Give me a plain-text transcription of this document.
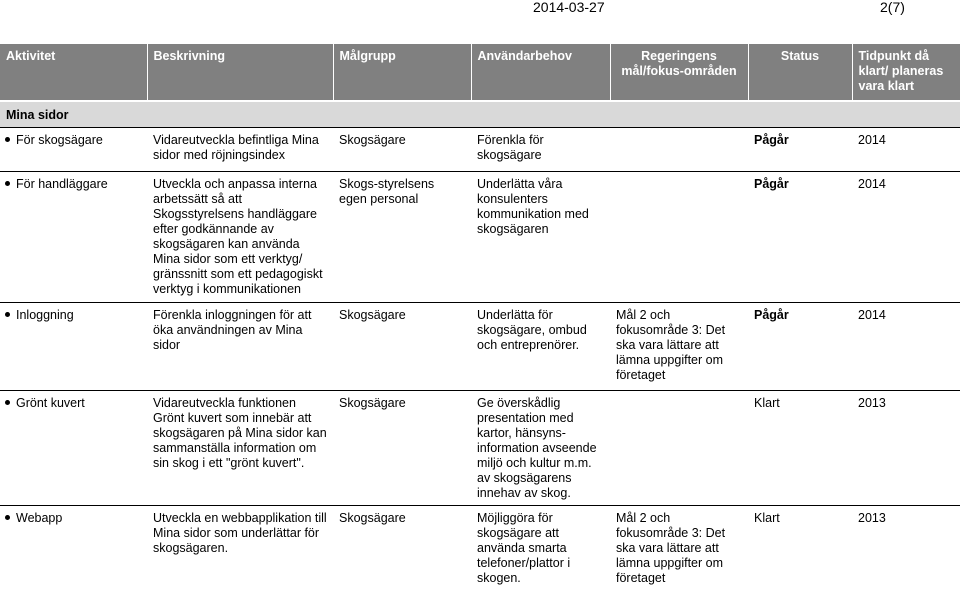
2014-03-27	2(7)
Aktivitet	Beskrivning	Målgrupp	Användarbehov	Regeringens mål/fokus-områden	Status	Tidpunkt då klart/ planeras vara klart
Mina sidor						
För skogsägare	Vidareutveckla befintliga Mina sidor med röjningsindex	Skogsägare	Förenkla för skogsägare		Pågår	2014
För handläggare	Utveckla och anpassa interna arbetssätt så att Skogsstyrelsens handläggare efter godkännande av skogsägaren kan använda Mina sidor som ett verktyg/ gränssnitt som ett pedagogiskt verktyg i kommunikationen	Skogs-styrelsens egen personal	Underlätta våra konsulenters kommunikation med skogsägaren		Pågår	2014
Inloggning	Förenkla inloggningen för att öka användningen av Mina sidor	Skogsägare	Underlätta för skogsägare, ombud och entreprenörer.	Mål 2 och fokusområde 3: Det ska vara lättare att lämna uppgifter om företaget	Pågår	2014
Grönt kuvert	Vidareutveckla funktionen Grönt kuvert som innebär att skogsägaren på Mina sidor kan sammanställa information om sin skog i ett "grönt kuvert".	Skogsägare	Ge överskådlig presentation med kartor, hänsyns-information avseende miljö och kultur m.m. av skogsägarens innehav av skog.		Klart	2013
Webapp	Utveckla en webbapplikation till Mina sidor som underlättar för skogsägaren.	Skogsägare	Möjliggöra för skogsägare att använda smarta telefoner/plattor i skogen.	Mål 2 och fokusområde 3: Det ska vara lättare att lämna uppgifter om företaget	Klart	2013
